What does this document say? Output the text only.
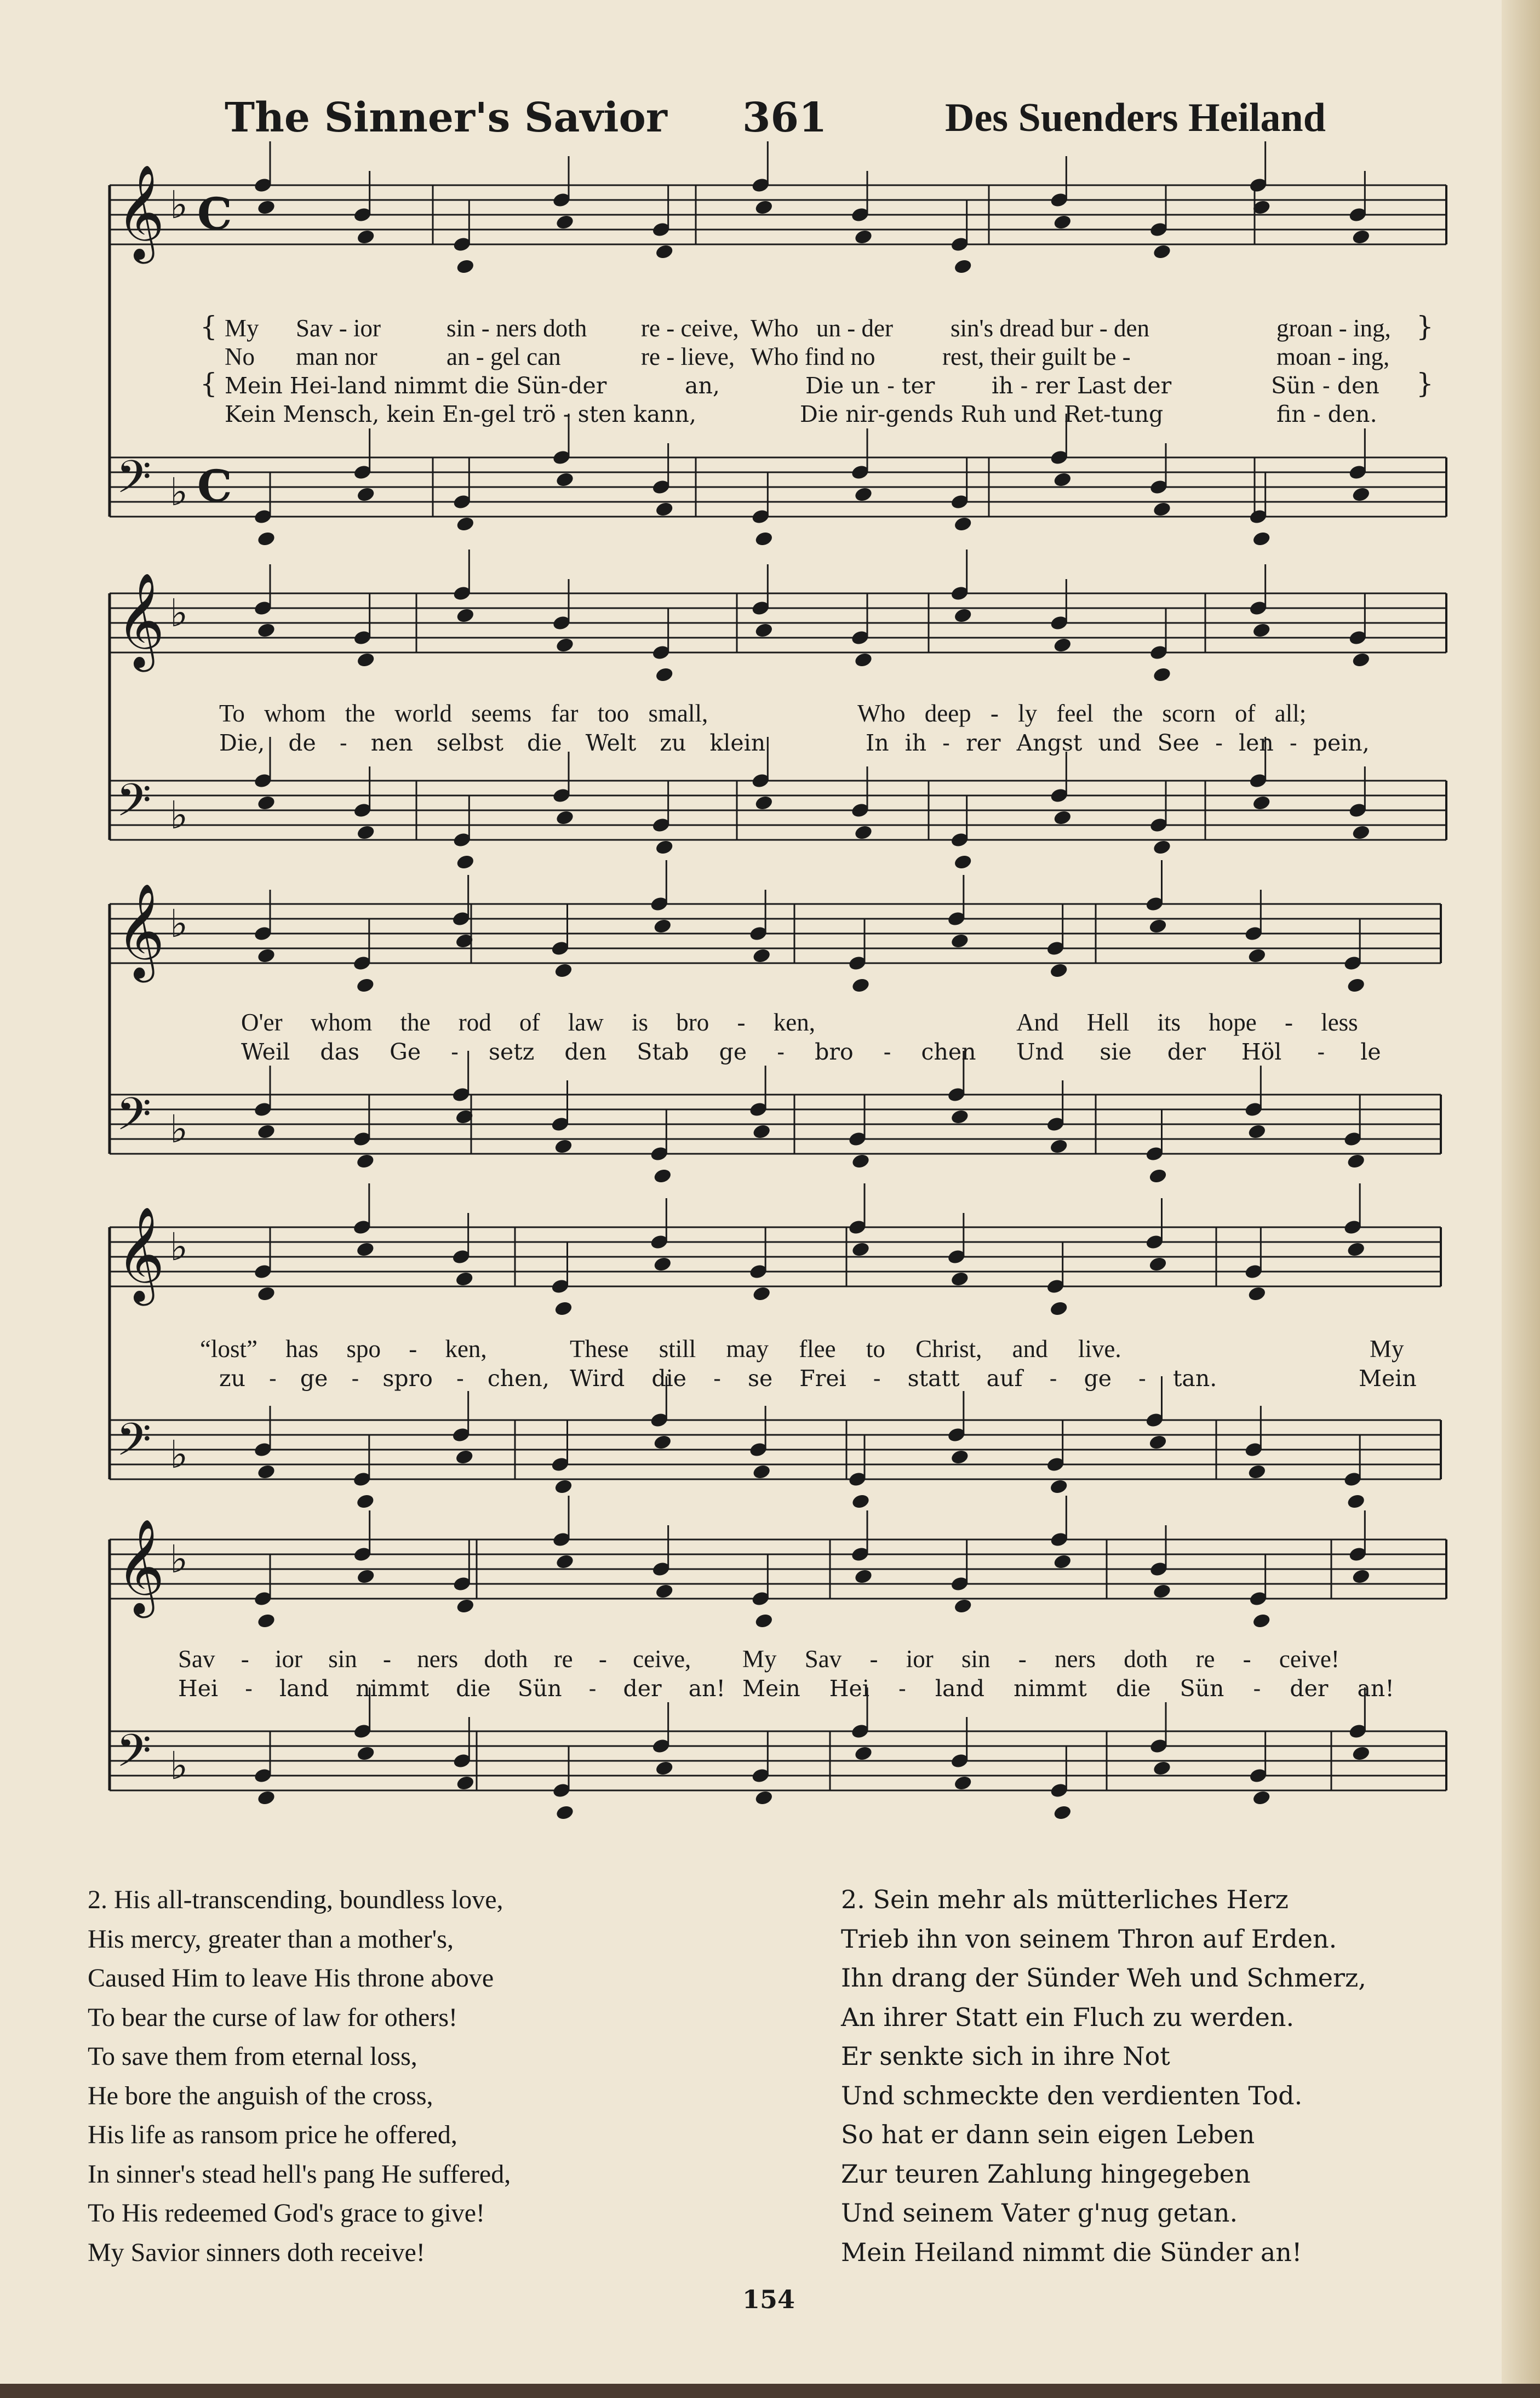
The Sinner's Savior 361	Des Suenders Heiland
𝄞 ♭ C
𝄢 ♭ C
𝄞 ♭
𝄢 ♭
𝄞 ♭
𝄢 ♭
𝄞 ♭
𝄢 ♭
𝄞 ♭
𝄢 ♭
{
{
}
}
My Sav - ior	sin - ners doth re - ceive, Who un - der sin's dread bur - den	groan - ing,
No man nor	an - gel can	re - lieve, Who find no	rest, their guilt be -	moan - ing,
Mein Hei-land nimmt die Sün-der	an,	Die un - ter	ih - rer Last der	Sün - den
Kein Mensch, kein En-gel trö - sten kann,	Die nir-gends Ruh und Ret-tung	fin - den.
To whom the world seems far too small,	Who deep - ly feel the scorn of all;
Die, de - nen selbst die Welt zu klein	In ih - rer Angst und See - len - pein,
O'er whom the rod of law is bro - ken,	And Hell its hope - less
Weil das Ge - setz den Stab ge - bro - chen Und sie der Höl - le
“lost” has spo - ken,	These still may flee to Christ, and live.	My
zu - ge - spro - chen, Wird die - se Frei - statt auf - ge - tan.	Mein
Sav - ior sin - ners doth re - ceive, My Sav - ior sin - ners doth re - ceive!
Hei - land nimmt die Sün - der an! Mein Hei - land nimmt die Sün - der an!
2. His all-transcending, boundless love,
His mercy, greater than a mother's,
Caused Him to leave His throne above
To bear the curse of law for others!
To save them from eternal loss,
He bore the anguish of the cross,
His life as ransom price he offered,
In sinner's stead hell's pang He suffered,
To His redeemed God's grace to give!
My Savior sinners doth receive!
2. Sein mehr als mütterliches Herz
Trieb ihn von seinem Thron auf Erden.
Ihn drang der Sünder Weh und Schmerz,
An ihrer Statt ein Fluch zu werden.
Er senkte sich in ihre Not
Und schmeckte den verdienten Tod.
So hat er dann sein eigen Leben
Zur teuren Zahlung hingegeben
Und seinem Vater g'nug getan.
Mein Heiland nimmt die Sünder an!
154
